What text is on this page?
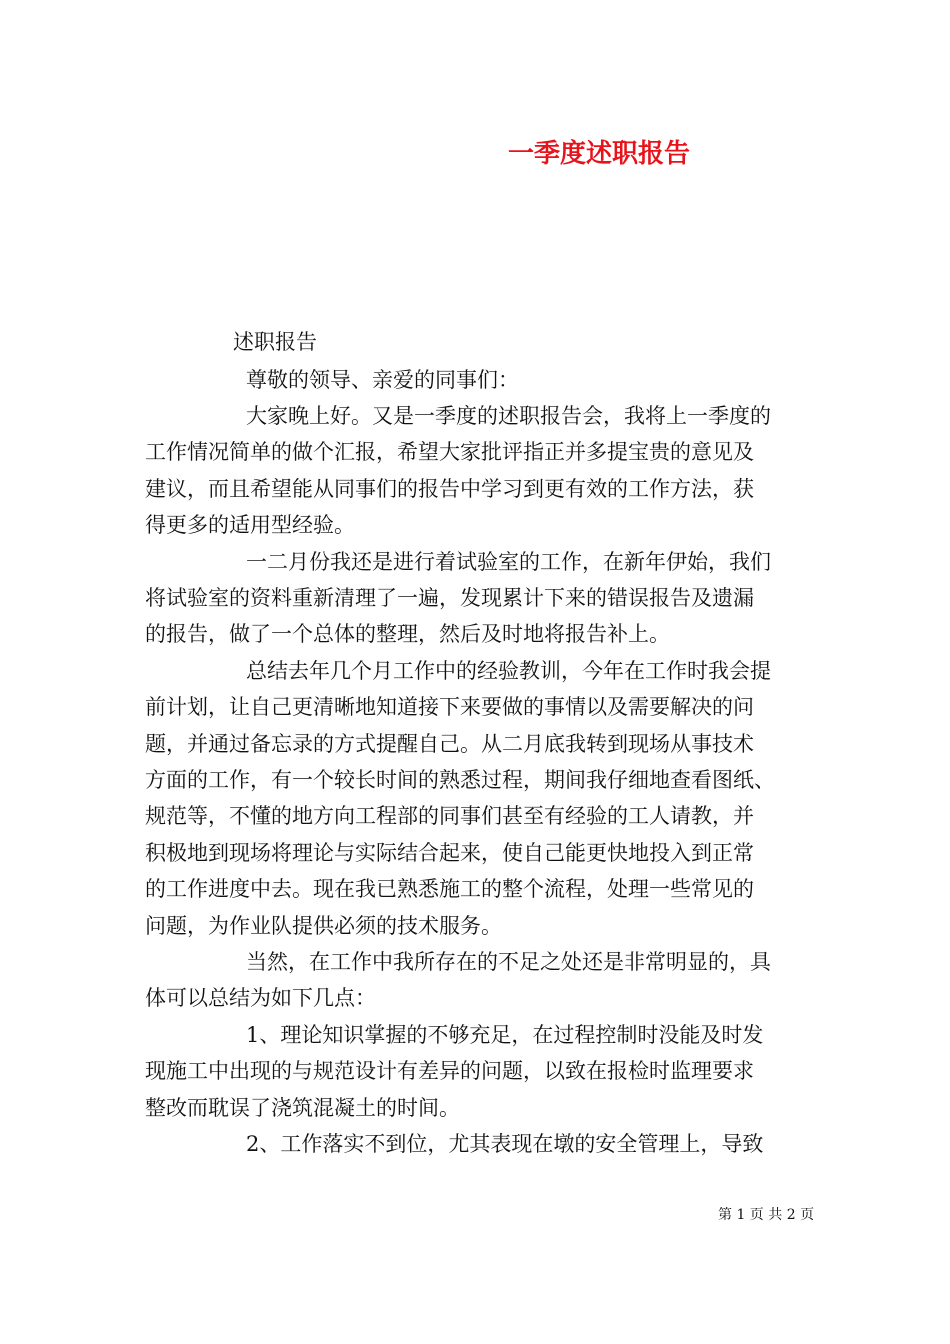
一季度述职报告
述职报告
尊敬的领导、亲爱的同事们：
大家晚上好。又是一季度的述职报告会，我将上一季度的
工作情况简单的做个汇报，希望大家批评指正并多提宝贵的意见及
建议，而且希望能从同事们的报告中学习到更有效的工作方法，获
得更多的适用型经验。
一二月份我还是进行着试验室的工作，在新年伊始，我们
将试验室的资料重新清理了一遍，发现累计下来的错误报告及遗漏
的报告，做了一个总体的整理，然后及时地将报告补上。
总结去年几个月工作中的经验教训，今年在工作时我会提
前计划，让自己更清晰地知道接下来要做的事情以及需要解决的问
题，并通过备忘录的方式提醒自己。从二月底我转到现场从事技术
方面的工作，有一个较长时间的熟悉过程，期间我仔细地查看图纸、
规范等，不懂的地方向工程部的同事们甚至有经验的工人请教，并
积极地到现场将理论与实际结合起来，使自己能更快地投入到正常
的工作进度中去。现在我已熟悉施工的整个流程，处理一些常见的
问题，为作业队提供必须的技术服务。
当然，在工作中我所存在的不足之处还是非常明显的，具
体可以总结为如下几点：
1、理论知识掌握的不够充足，在过程控制时没能及时发
现施工中出现的与规范设计有差异的问题，以致在报检时监理要求
整改而耽误了浇筑混凝土的时间。
2、工作落实不到位，尤其表现在墩的安全管理上，导致
第 1 页 共 2 页
